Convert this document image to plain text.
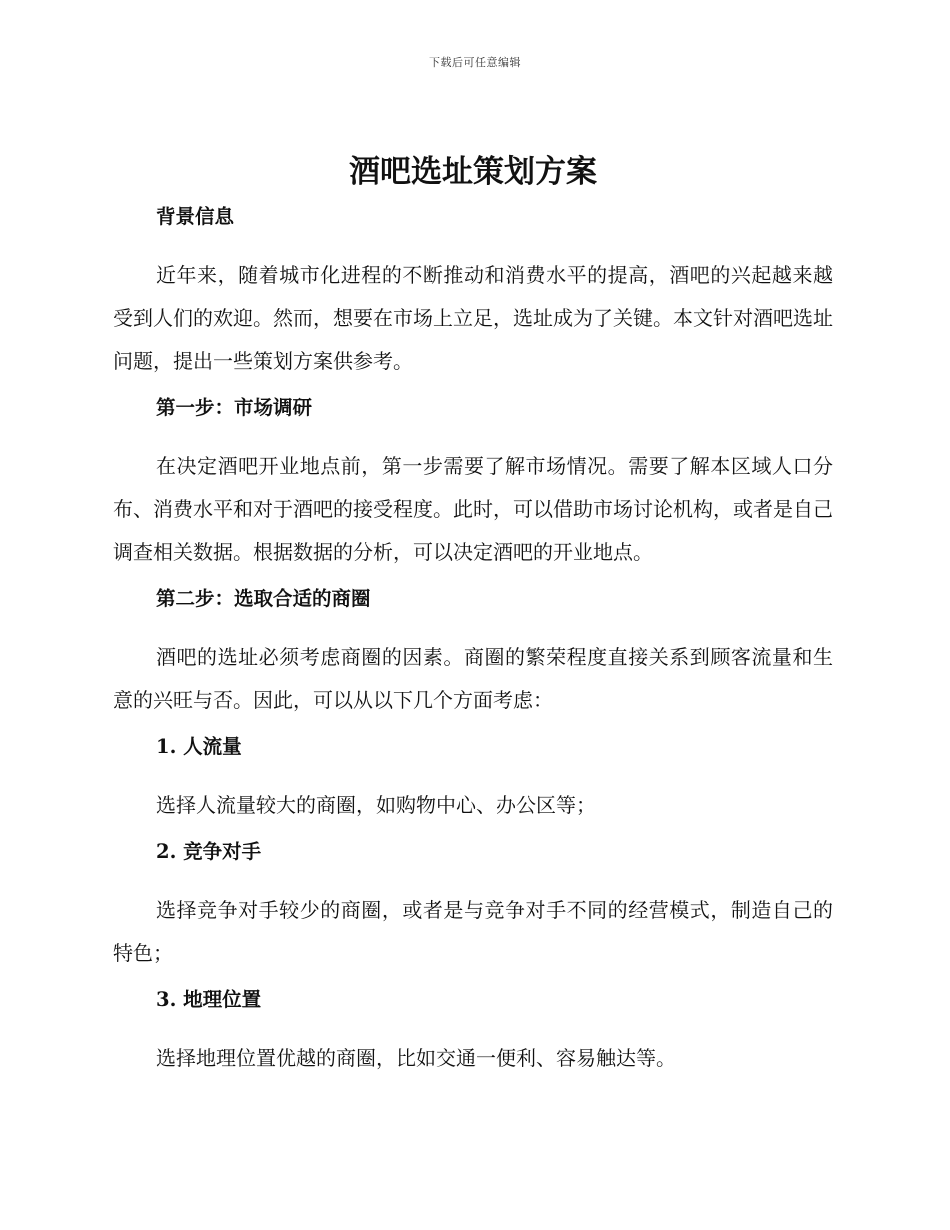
下载后可任意编辑
酒吧选址策划方案
背景信息

近年来，随着城市化进程的不断推动和消费水平的提高，酒吧的兴起越来越受到人们的欢迎。然而，想要在市场上立足，选址成为了关键。本文针对酒吧选址问题，提出一些策划方案供参考。

第一步：市场调研

在决定酒吧开业地点前，第一步需要了解市场情况。需要了解本区域人口分布、消费水平和对于酒吧的接受程度。此时，可以借助市场讨论机构，或者是自己调查相关数据。根据数据的分析，可以决定酒吧的开业地点。

第二步：选取合适的商圈

酒吧的选址必须考虑商圈的因素。商圈的繁荣程度直接关系到顾客流量和生意的兴旺与否。因此，可以从以下几个方面考虑：

1. 人流量

选择人流量较大的商圈，如购物中心、办公区等；

2. 竞争对手

选择竞争对手较少的商圈，或者是与竞争对手不同的经营模式，制造自己的特色；

3. 地理位置

选择地理位置优越的商圈，比如交通一便利、容易触达等。
